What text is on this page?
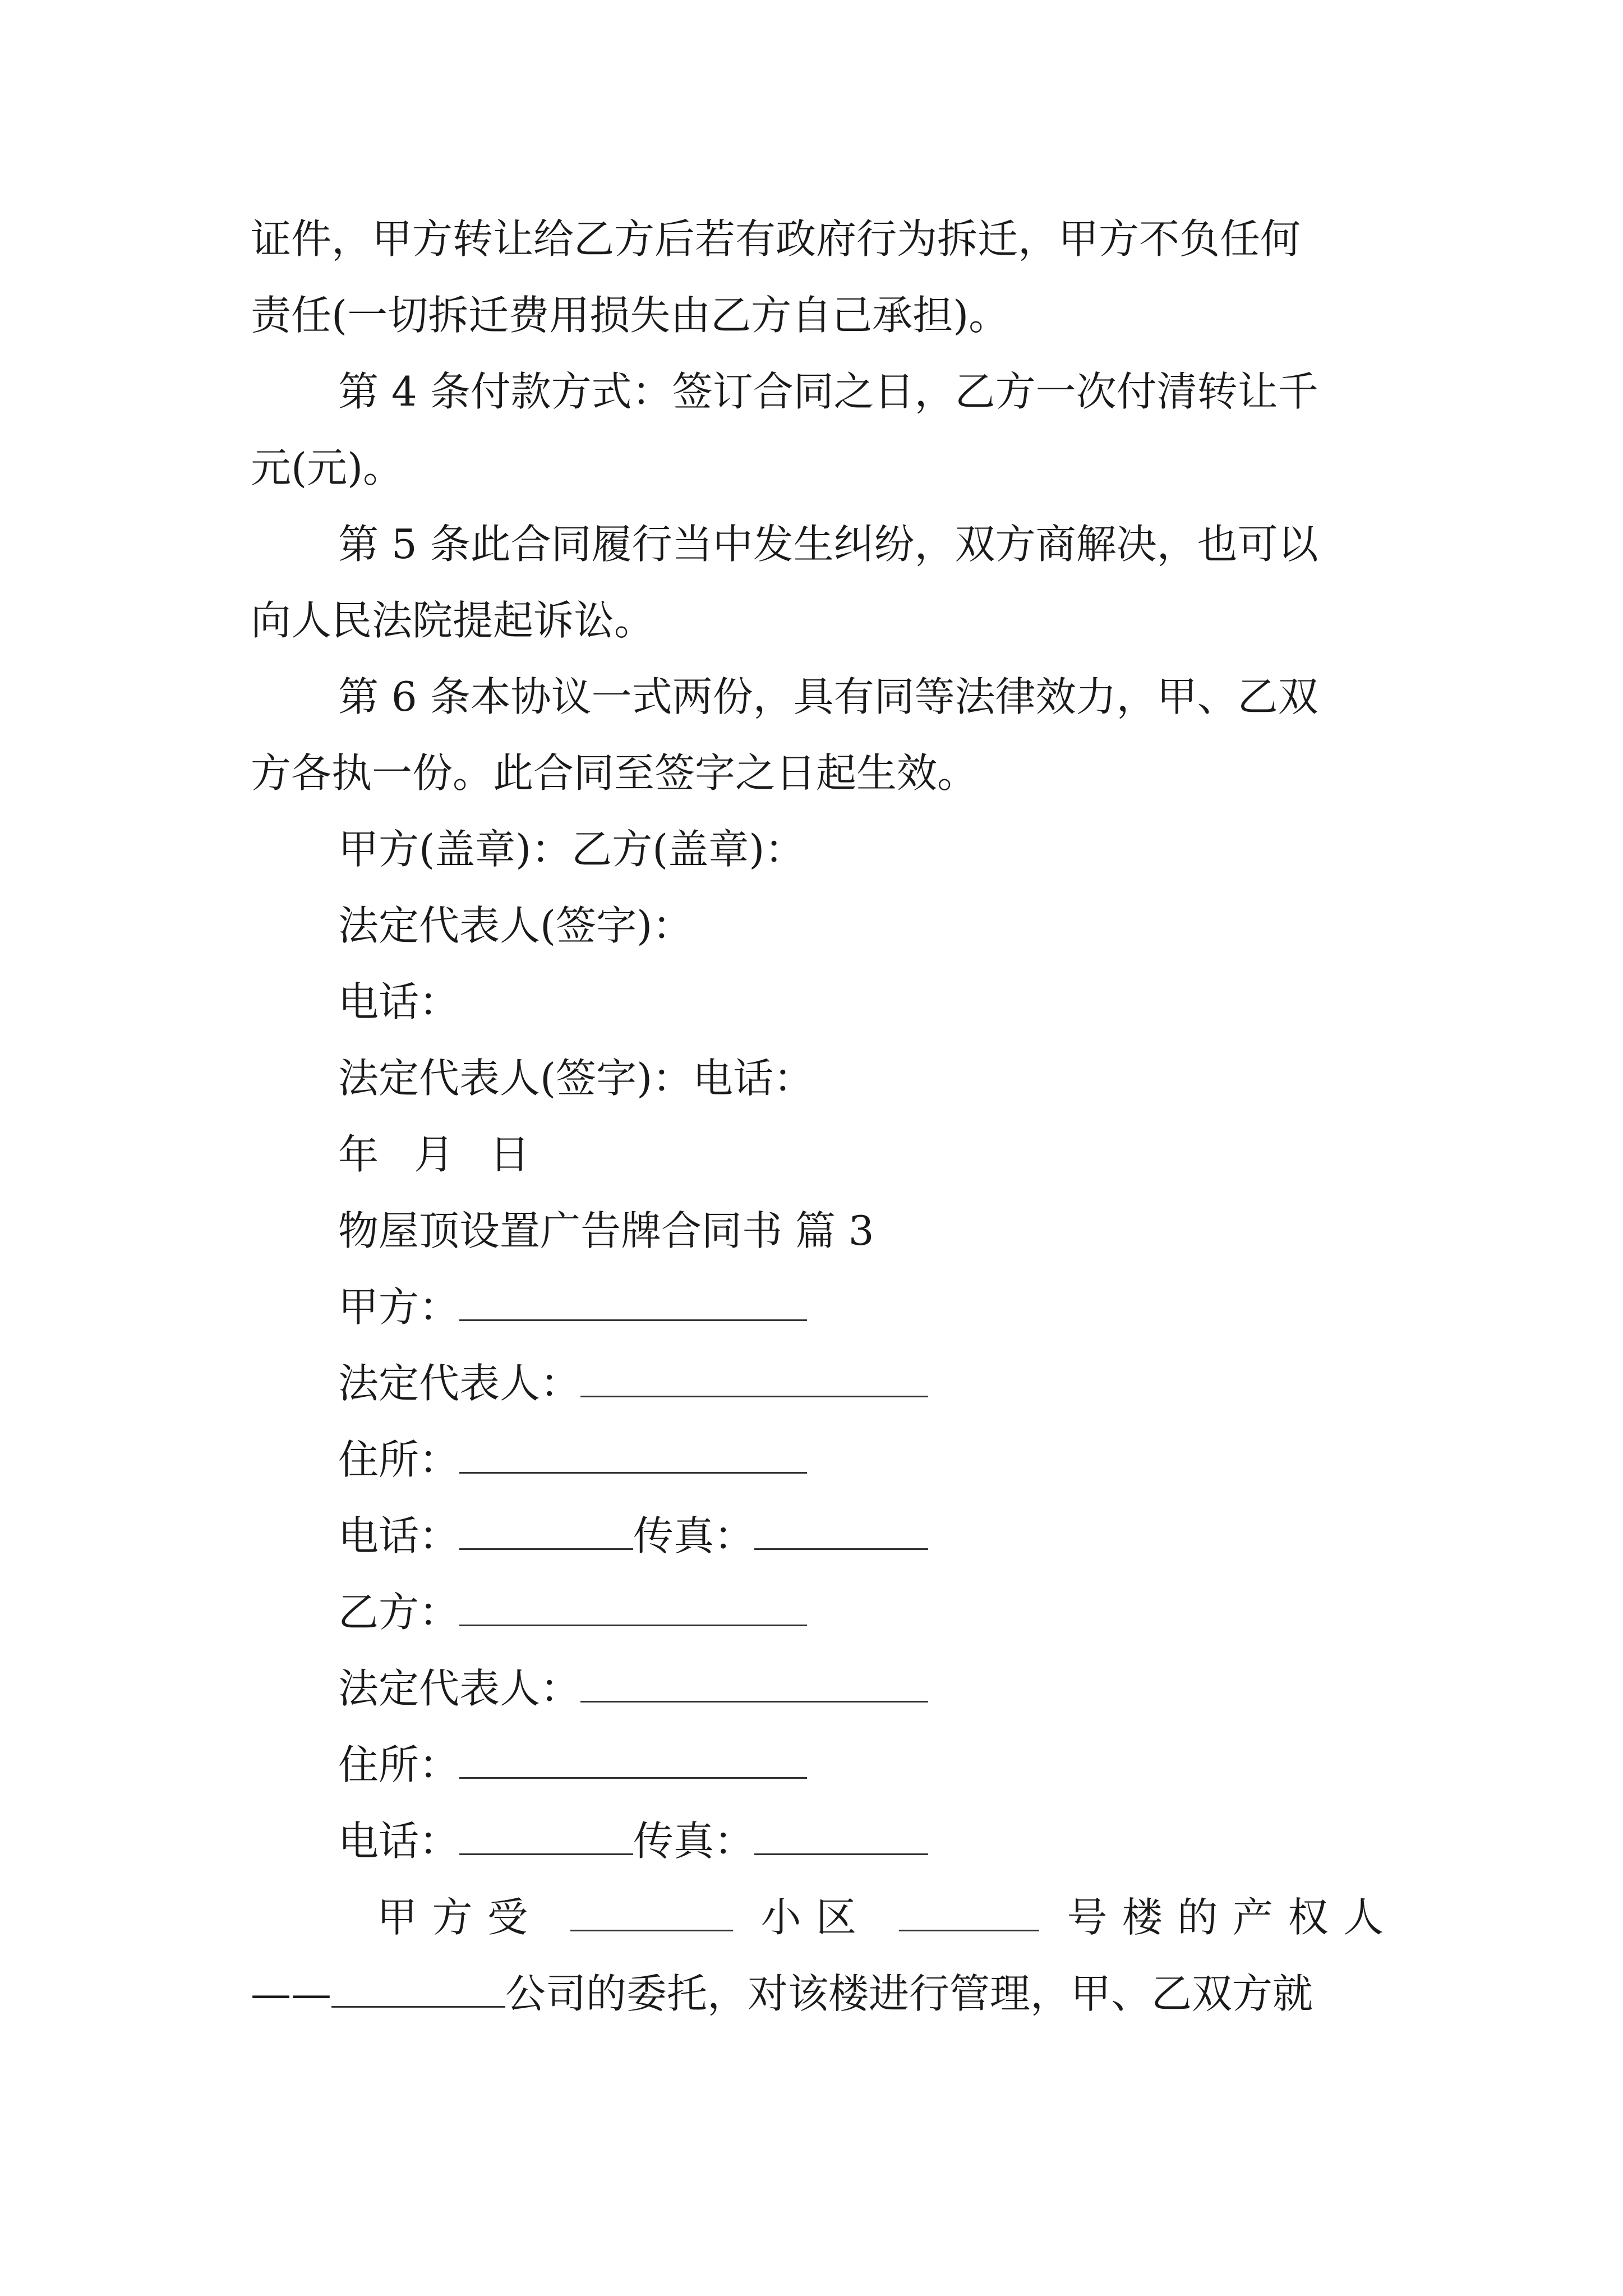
证件，甲方转让给乙方后若有政府行为拆迁，甲方不负任何
责任(一切拆迁费用损失由乙方自己承担)。
第 4 条付款方式：签订合同之日，乙方一次付清转让千
元(元)。
第 5 条此合同履行当中发生纠纷，双方商解决，也可以
向人民法院提起诉讼。
第 6 条本协议一式两份，具有同等法律效力，甲、乙双
方各执一份。此合同至签字之日起生效。
甲方(盖章)：乙方(盖章)：
法定代表人(签字)：
电话：
法定代表人(签字)：电话：
年 月 日
物屋顶设置广告牌合同书 篇 3
甲方：
法定代表人：
住所：
电话：	传真：
乙方：
法定代表人：
住所：
电话：	传真：
甲方受	小区	号楼的产权人
——	公司的委托，对该楼进行管理，甲、乙双方就
